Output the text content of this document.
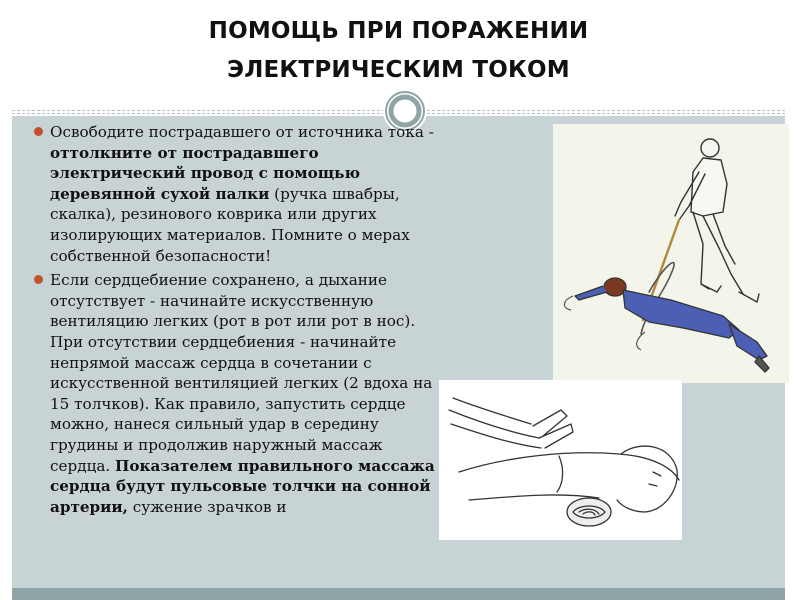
ПОМОЩЬ ПРИ ПОРАЖЕНИИ
ЭЛЕКТРИЧЕСКИМ ТОКОМ

Освободите пострадавшего от источника тока - оттолкните от пострадавшего электрический провод с помощью деревянной сухой палки (ручка швабры, скалка), резинового коврика или других изолирующих материалов. Помните о мерах собственной безопасности!

Если сердцебиение сохранено, а дыхание отсутствует - начинайте искусственную вентиляцию легких (рот в рот или рот в нос). При отсутствии сердцебиения - начинайте непрямой массаж сердца в сочетании с искусственной вентиляцией легких (2 вдоха на 15 толчков). Как правило, запустить сердце можно, нанеся сильный удар в середину грудины и продолжив наружный массаж сердца. Показателем правильного массажа сердца будут пульсовые толчки на сонной артерии, сужение зрачков и
